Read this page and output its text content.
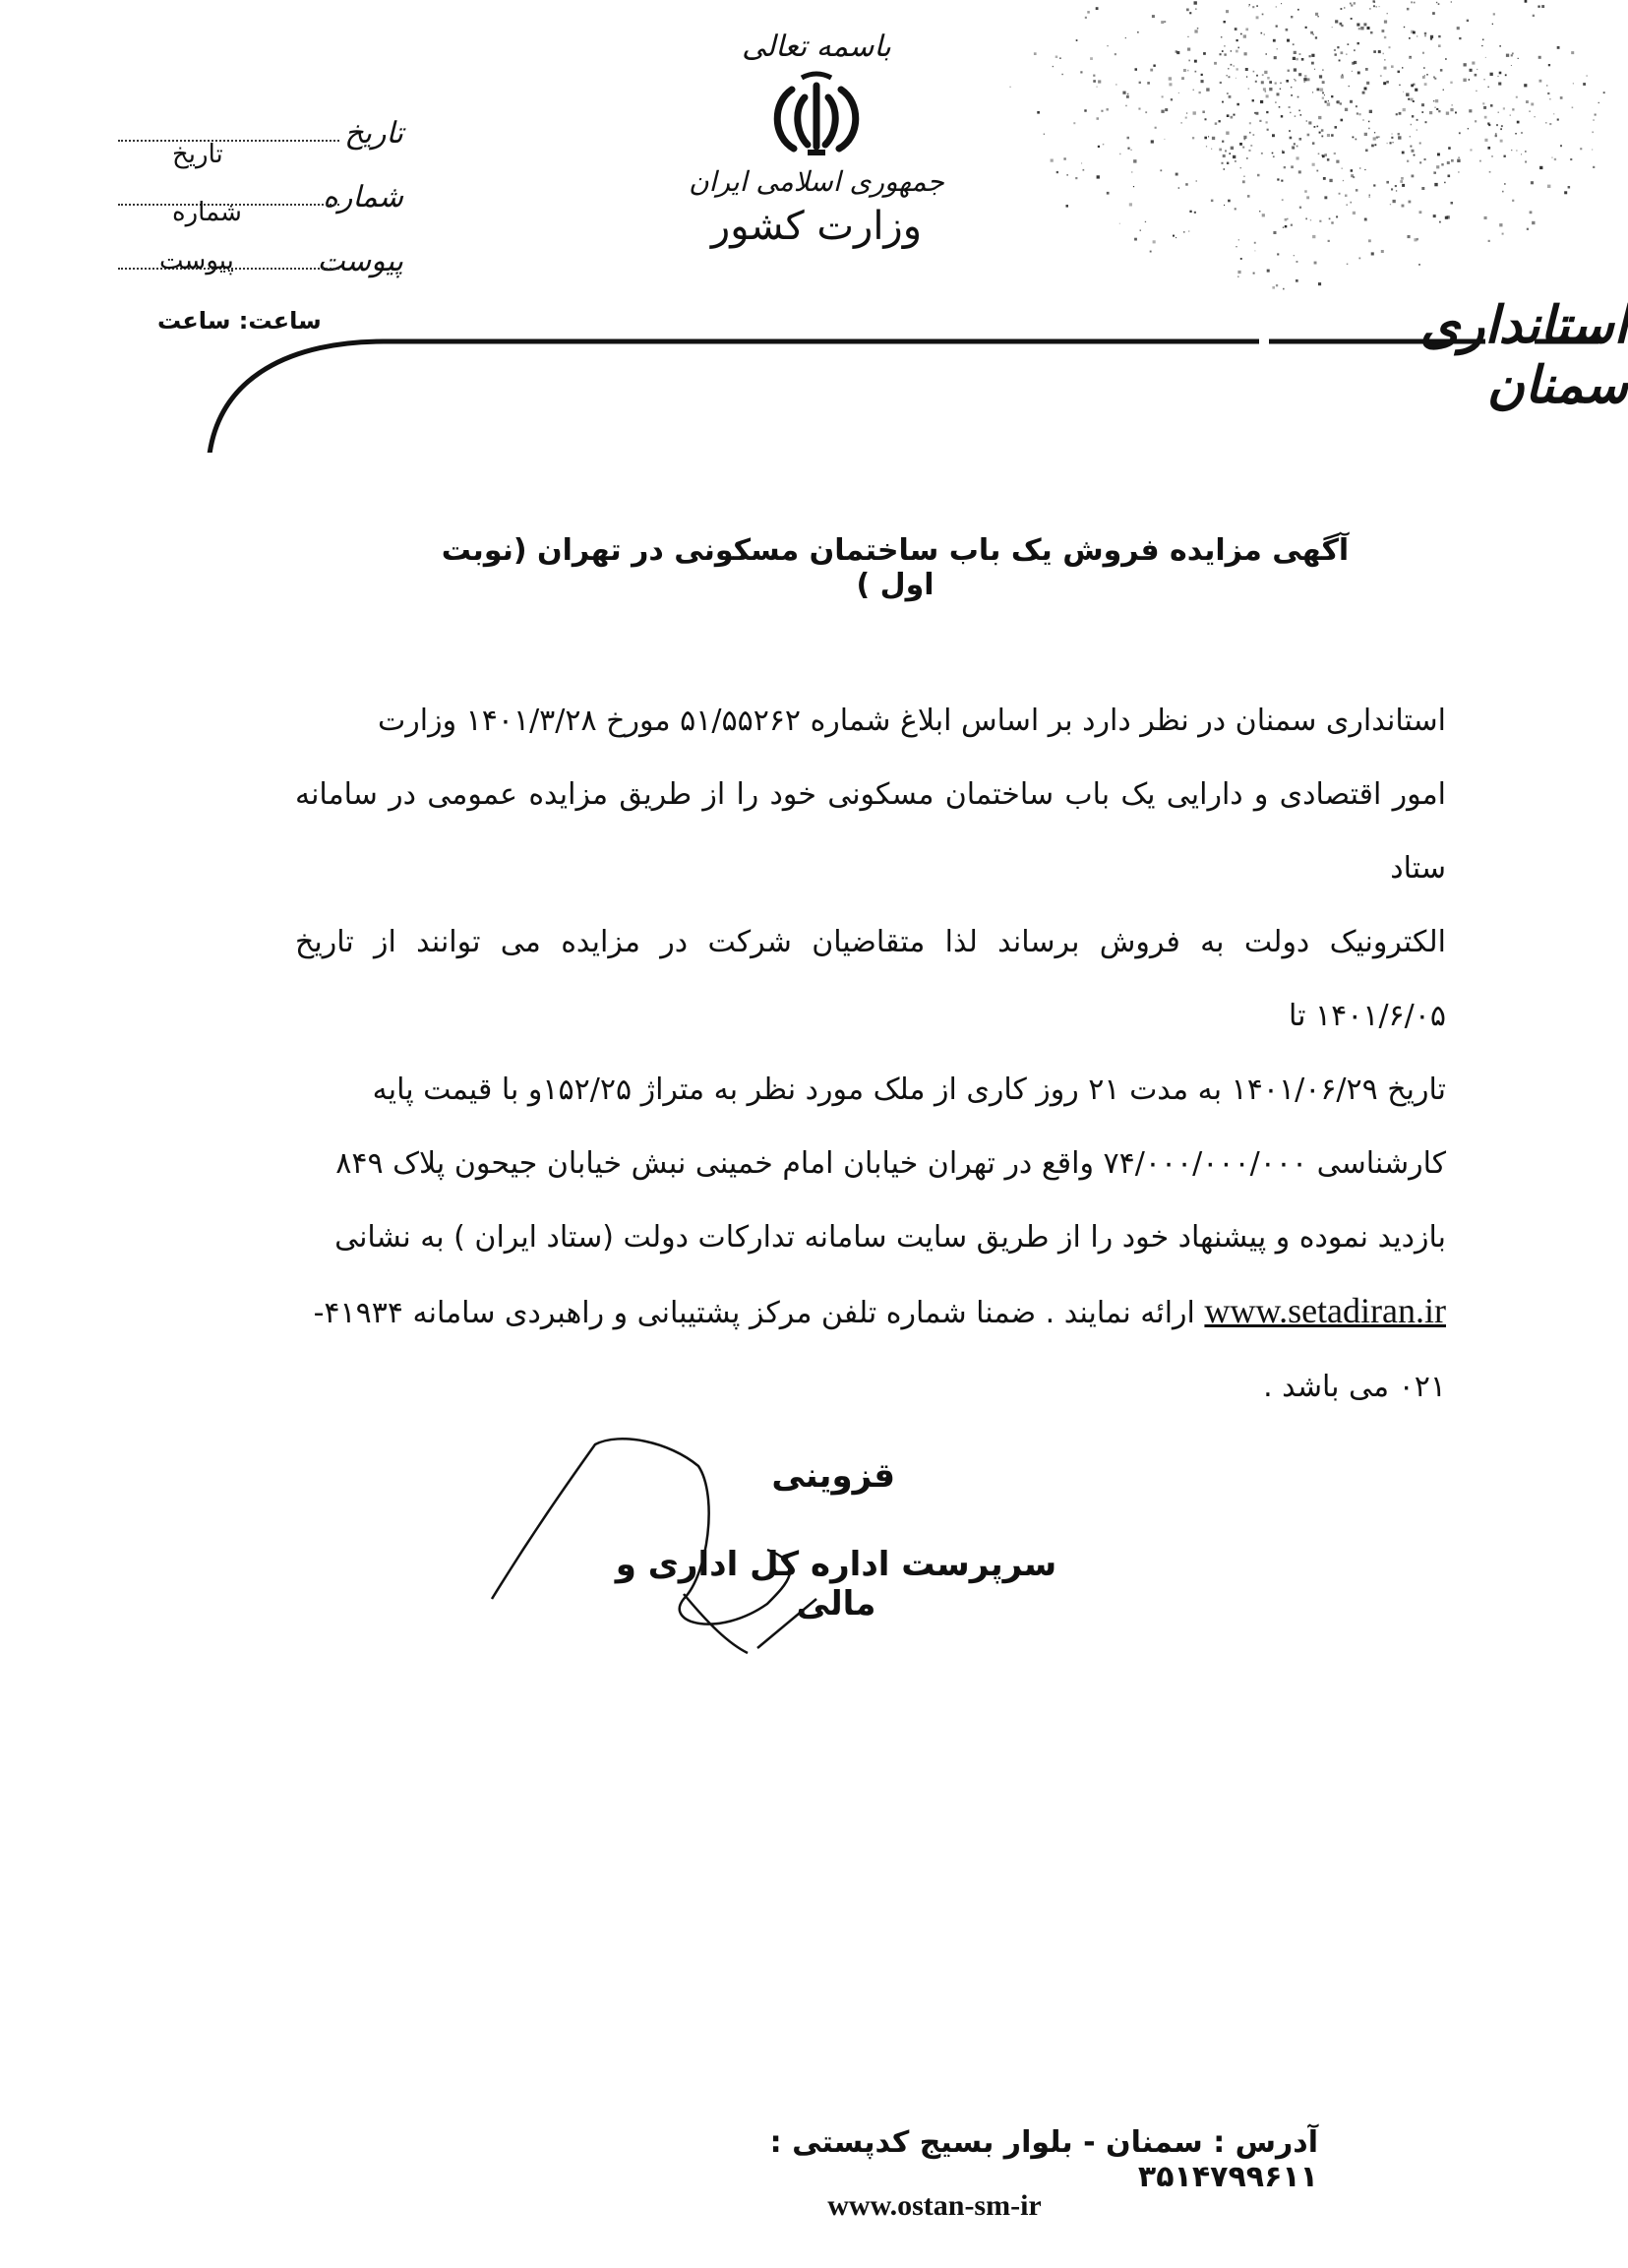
تاریخ
تاریخ
شماره
شماره
پیوست
پیوست
ساعت: ساعت
باسمه تعالی
جمهوری اسلامی ایران
وزارت کشور
استانداری سمنان
آگهی مزایده فروش یک باب ساختمان مسکونی در تهران (نوبت اول )
استانداری سمنان در نظر دارد بر اساس ابلاغ شماره ۵۱/۵۵۲۶۲ مورخ ۱۴۰۱/۳/۲۸ وزارت
امور اقتصادی و دارایی یک باب ساختمان مسکونی خود را از طریق مزایده عمومی در سامانه ستاد
الکترونیک دولت به فروش برساند لذا متقاضیان شرکت در مزایده می توانند از تاریخ ۱۴۰۱/۶/۰۵ تا
تاریخ ۱۴۰۱/۰۶/۲۹ به مدت ۲۱ روز کاری از ملک مورد نظر به متراژ ۱۵۲/۲۵و با قیمت پایه
کارشناسی ۷۴/۰۰۰/۰۰۰/۰۰۰ واقع در تهران خیابان امام خمینی نبش خیابان جیحون پلاک ۸۴۹
بازدید نموده و پیشنهاد خود را از طریق سایت سامانه تدارکات دولت (ستاد ایران ) به نشانی
www.setadiran.ir ارائه نمایند . ضمنا شماره تلفن مرکز پشتیبانی و راهبردی سامانه ۴۱۹۳۴-
۰۲۱ می باشد .
قزوینی
سرپرست اداره کل اداری و مالی
آدرس : سمنان - بلوار بسیج کدپستی : ۳۵۱۴۷۹۹۶۱۱
www.ostan-sm-ir
